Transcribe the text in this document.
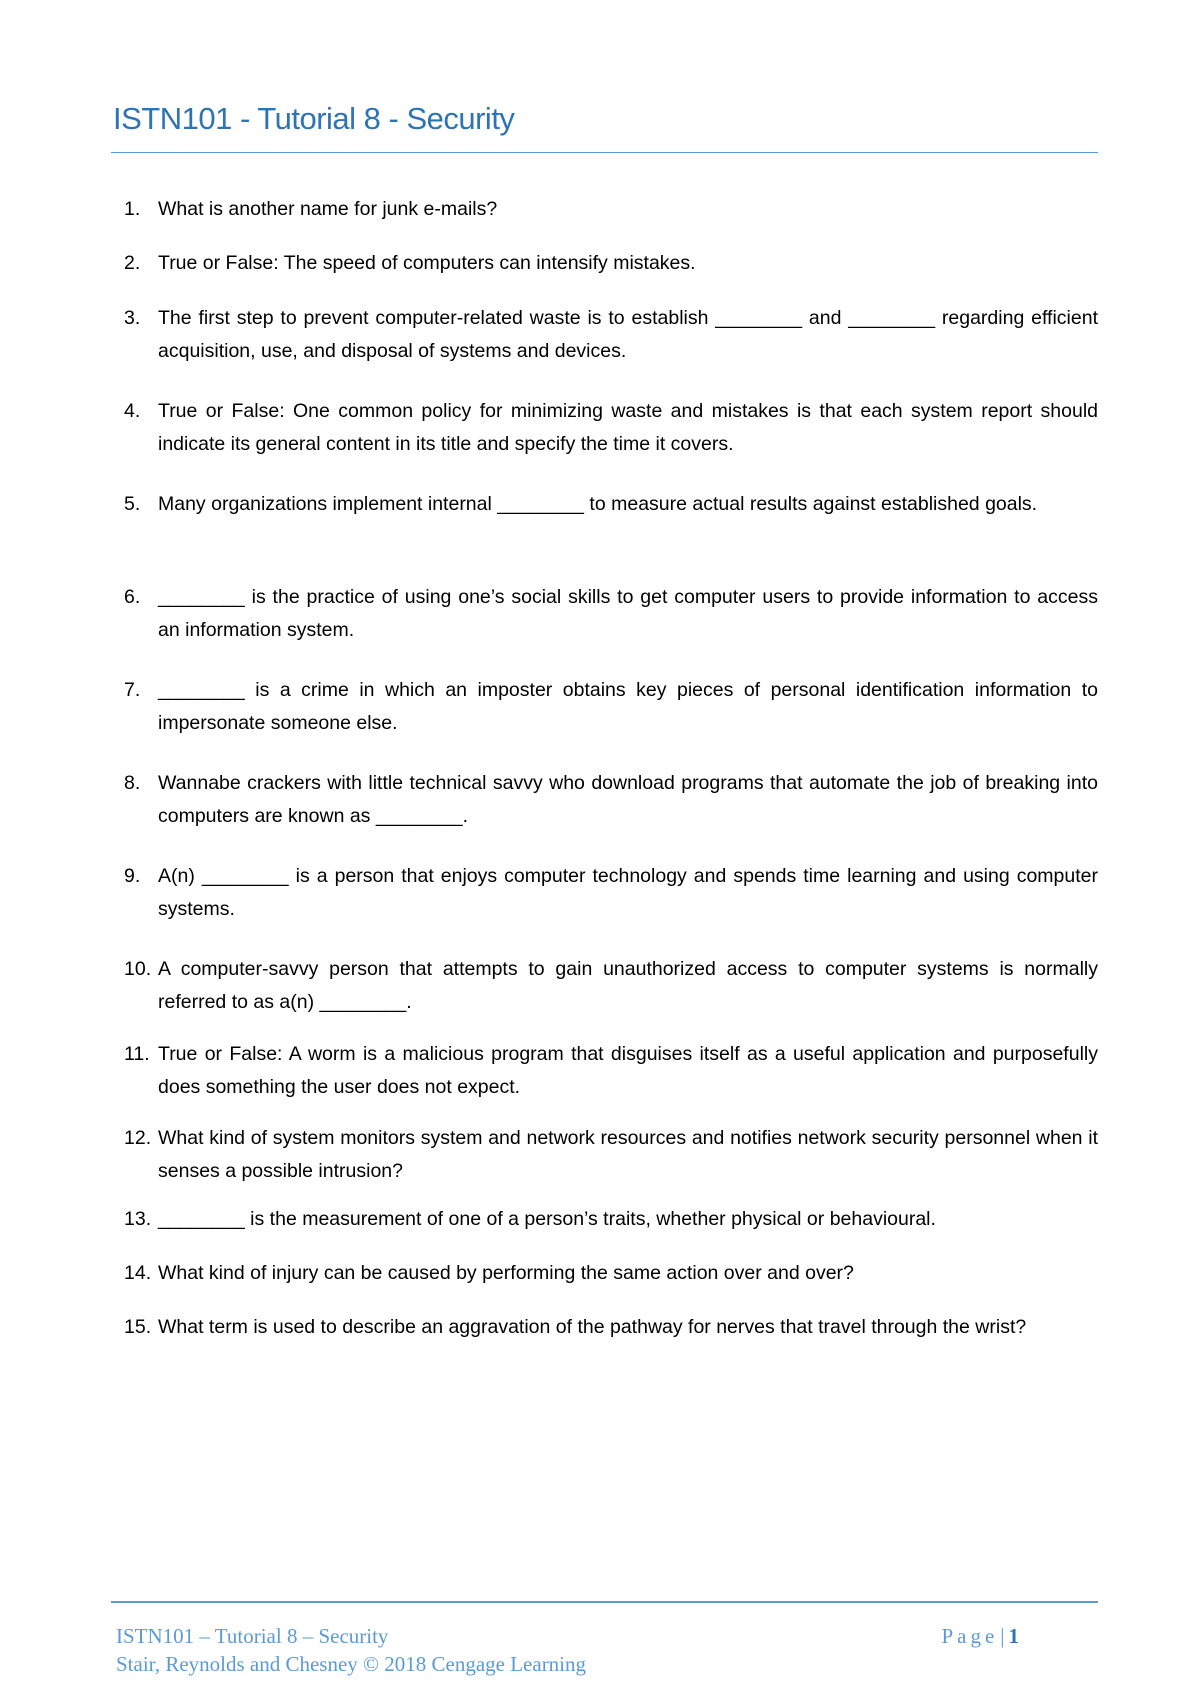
ISTN101 - Tutorial 8 - Security
1. What is another name for junk e-mails?
2. True or False: The speed of computers can intensify mistakes.
3. The first step to prevent computer-related waste is to establish ________ and ________ regarding efficient acquisition, use, and disposal of systems and devices.
4. True or False: One common policy for minimizing waste and mistakes is that each system report should indicate its general content in its title and specify the time it covers.
5. Many organizations implement internal ________ to measure actual results against established goals.
6. ________ is the practice of using one’s social skills to get computer users to provide information to access an information system.
7. ________ is a crime in which an imposter obtains key pieces of personal identification information to impersonate someone else.
8. Wannabe crackers with little technical savvy who download programs that automate the job of breaking into computers are known as ________.
9. A(n) ________ is a person that enjoys computer technology and spends time learning and using computer systems.
10. A computer-savvy person that attempts to gain unauthorized access to computer systems is normally referred to as a(n) ________.
11. True or False: A worm is a malicious program that disguises itself as a useful application and purposefully does something the user does not expect.
12. What kind of system monitors system and network resources and notifies network security personnel when it senses a possible intrusion?
13. ________ is the measurement of one of a person’s traits, whether physical or behavioural.
14. What kind of injury can be caused by performing the same action over and over?
15. What term is used to describe an aggravation of the pathway for nerves that travel through the wrist?
ISTN101 – Tutorial 8 – Security
Stair, Reynolds and Chesney © 2018 Cengage Learning
Page| 1
